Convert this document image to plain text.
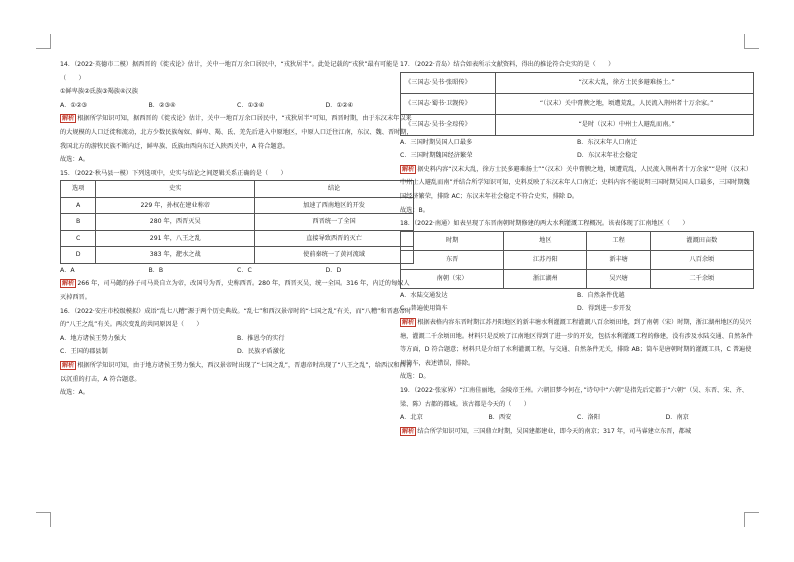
14．（2022·英德市二模）据西晋的《徙戎论》估计，关中一地百万余口居民中，“戎狄居半”。此处记载的“戎狄”最有可能是（　　）

①鲜卑族②氐族③羯族④汉族

A．①②③	B．②③④	C．①③④	D．①②④

解析 根据所学知识可知，据西晋的《徙戎论》估计，关中一地百万余口居民中，“戎狄居半”可知，西晋时期，由于东汉末年以来的大规模的人口迁徙和流动，北方少数民族匈奴、鲜卑、羯、氐、羌先后进入中原地区，中原人口迁往江南，东汉、魏、晋时期，我国北方的游牧民族不断内迁，鲜卑族、氐族由西向东迁入陕西关中，A 符合题意。

故选：A。

15．（2022·秋马县一模）下列选项中，史实与结论之间逻辑关系正确的是（　　）

选项	史实	结论
A	229 年，孙权在建业称帝	加速了西南地区的开发
B	280 年，西晋灭吴	西晋统一了全国
C	291 年，八王之乱	直接导致西晋的灭亡
D	383 年，淝水之战	使前秦统一了黄河流域
A．A	B．B	C．C	D．D

解析 266 年，司马懿的孙子司马炎自立为帝，改国号为晋，史称西晋。280 年，西晋灭吴，统一全国。316 年，内迁的匈奴人灭掉西晋。

16．（2022·安庄市校级模拟）成语“乱七八糟”源于两个历史典故。“乱七”和西汉景帝时的“七国之乱”有关，而“八糟”和晋惠帝时的“八王之乱”有关。两次变乱的共同原因是（　　）

A．地方诸侯王势力强大	B．推恩令的实行
C．王国的郡县制	D．民族矛盾激化

解析 根据所学知识可知，由于地方诸侯王势力强大，西汉景帝时出现了“七国之乱”，晋惠帝时出现了“八王之乱”，给西汉和西晋以沉重的打击，A 符合题意。

故选：A。

17．（2022·青岛）结合如表所示文献资料，得出的推论符合史实的是（　　）

《三国志·吴书·张昭传》	“汉末大乱，徐方士民多避难扬土。”
《三国志·蜀书·卫觊传》	“（汉末）关中膏腴之地，顷遭荒乱，人民流入荆州者十万余家。”
《三国志·吴书·全琮传》	“是时（汉末）中州士人避乱而南。”
A．三国时期吴国人口最多	B．东汉末年人口南迁
C．三国时期魏国经济繁荣	D．东汉末年社会稳定

解析 据史料内容“汉末大乱，徐方士民多避难扬土”“（汉末）关中膏腴之地，顷遭荒乱，人民流入荆州者十万余家”“是时（汉末）中州士人避乱而南”并结合所学知识可知，史料反映了东汉末年人口南迁；史料内容不能说明三国时期吴国人口最多，三国时期魏国经济繁荣，排除 AC；东汉末年社会稳定不符合史实，排除 D。

故选：B。

18．（2022·南通）如表呈现了东晋南朝时期修建的两大水利灌溉工程概况。该表体现了江南地区（　　）

时期	地区	工程	灌溉田亩数
东晋	江苏丹阳	新丰塘	八百余顷
南朝（宋）	浙江湖州	吴兴塘	二千余顷
A．水陆交通发达	B．自然条件优越
C．普遍使用筒车	D．得到进一步开发

解析 根据表格内容东晋时期江苏丹阳地区的新丰塘水利灌溉工程灌溉八百余顷田地，到了南朝（宋）时期，浙江湖州地区的吴兴塘，灌溉二千余顷田地。材料只是反映了江南地区得到了进一步的开发，包括水利灌溉工程的修建，没有涉及水陆交通、自然条件等方面，D 符合题意；材料只是介绍了水利灌溉工程，与交通、自然条件无关，排除 AB；筒车是唐朝时期的灌溉工具，C 普遍使用筒车，表述错误，排除。

故选：D。

19．（2022·张家界）“江南佳丽地，金陵帝王州。六朝旧梦今何在，”诗句中“六朝”是指先后定都于“六朝”（吴、东晋、宋、齐、梁、陈）古都的都城。该古都是今天的（　　）

A．北京	B．西安	C．洛阳	D．南京

解析 结合所学知识可知，三国鼎立时期，吴国建都建业，即今天的南京；317 年，司马睿建立东晋，都城
